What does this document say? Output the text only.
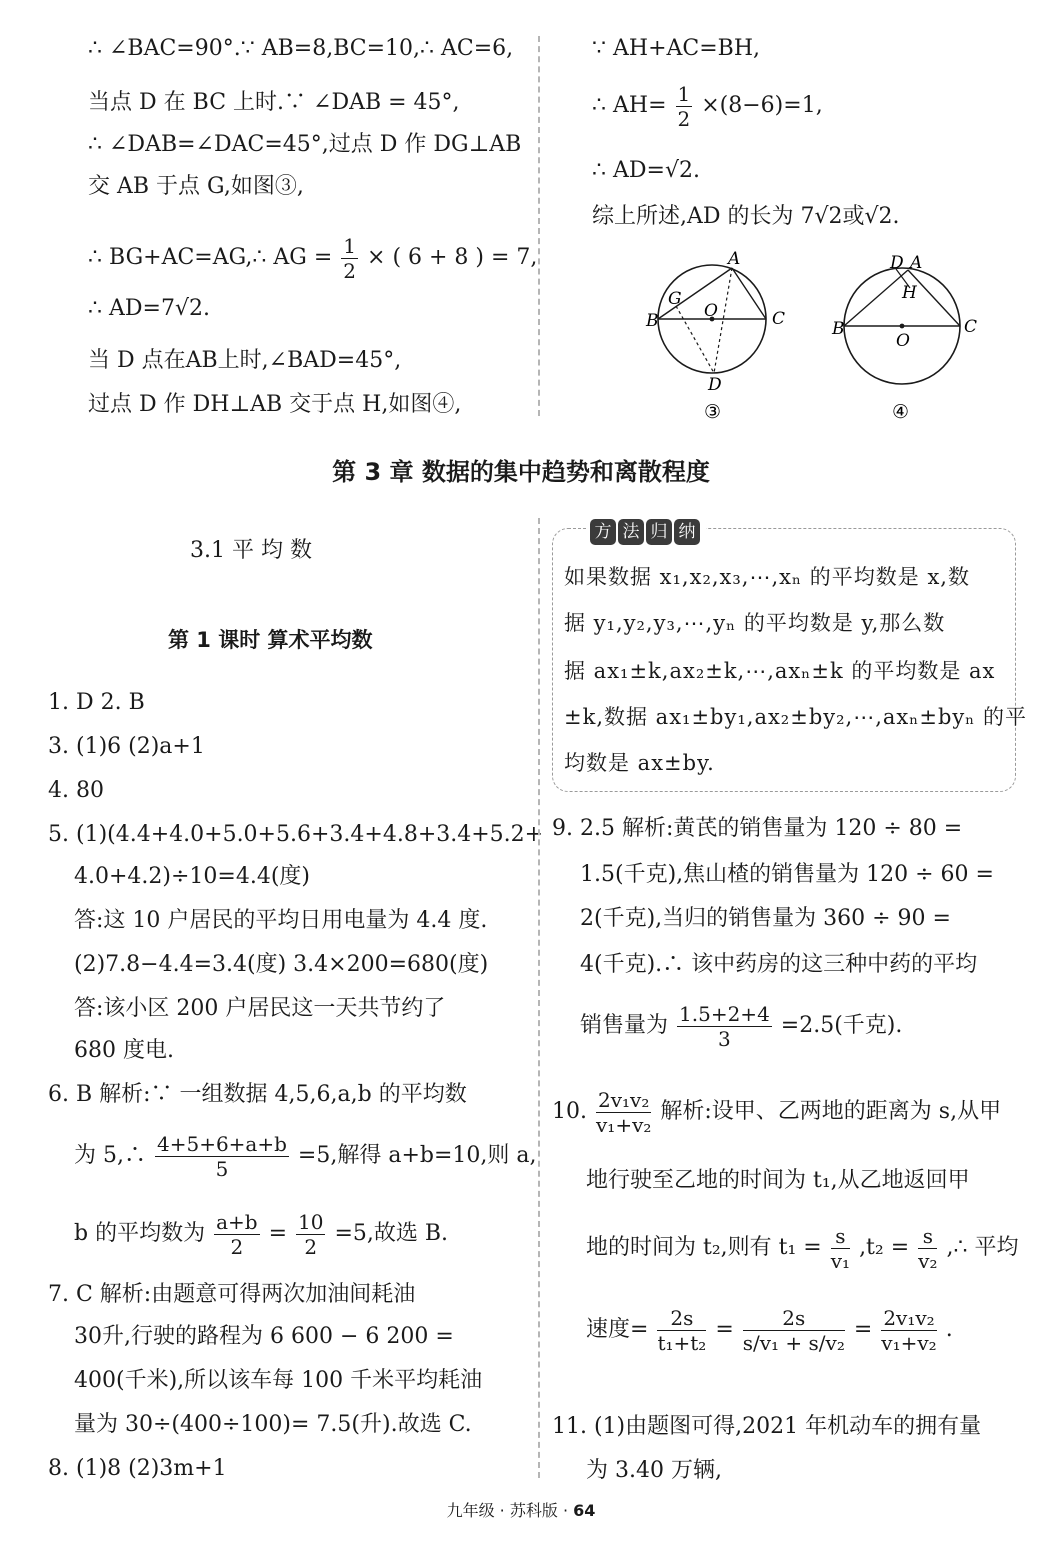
∴ ∠BAC=90°.∵ AB=8,BC=10,∴ AC=6,
当点 D 在 BC 上时.∵ ∠DAB = 45°,
∴ ∠DAB=∠DAC=45°,过点 D 作 DG⊥AB
交 AB 于点 G,如图③,
∴ BG+AC=AG,∴ AG = $\frac{1}{2}$ × ( 6 + 8 ) = 7,
∴ AD=7√2.
当 D 点在AB上时,∠BAD=45°,
过点 D 作 DH⊥AB 交于点 H,如图④,
∵ AH+AC=BH,
∴ $AH= \frac{1}{2} \times(8-6)=1$,
∴ AD=√2.
综上所述,AD 的长为 7√2或√2.
A
B
G
O	C
D
③
D A
H
B
O
C
④
第 3 章 数据的集中趋势和离散程度
3.1 平 均 数
第 1 课时 算术平均数
1. D 2. B
3. (1)6 (2)a+1
4. 80
5. (1)(4.4+4.0+5.0+5.6+3.4+4.8+3.4+5.2+
4.0+4.2)÷10=4.4(度)
答:这 10 户居民的平均日用电量为 4.4 度.
(2)7.8−4.4=3.4(度) 3.4×200=680(度)
答:该小区 200 户居民这一天共节约了
680 度电.
6. B 解析:∵ 一组数据 4,5,6,a,b 的平均数
为 5,∴ $\frac{4+5+6+a+b}{5} =5$,解得 a+b=10,则 a,
b 的平均数为 $\frac{a+b}{2} = \frac{10}{2} =5$,故选 B.
7. C 解析:由题意可得两次加油间耗油
30升,行驶的路程为 6 600 − 6 200 =
400(千米),所以该车每 100 千米平均耗油
量为 30÷(400÷100)= 7.5(升).故选 C.
8. (1)8 (2)3m+1
方 法 归 纳
如果数据 x₁,x₂,x₃,⋯,xₙ 的平均数是 x,数
据 y₁,y₂,y₃,⋯,yₙ 的平均数是 y,那么数
据 ax₁±k,ax₂±k,⋯,axₙ±k 的平均数是 ax
±k,数据 ax₁±by₁,ax₂±by₂,⋯,axₙ±byₙ 的平
均数是 ax±by.
9. 2.5 解析:黄芪的销售量为 120 ÷ 80 =
1.5(千克),焦山楂的销售量为 120 ÷ 60 =
2(千克),当归的销售量为 360 ÷ 90 =
4(千克).∴ 该中药房的这三种中药的平均
销售量为 $\frac{1.5+2+4}{3} =2.5$(千克).
10. $\frac{\text{2v₁v₂}}{\text{v₁+v₂}}$ 解析:设甲、乙两地的距离为 s,从甲
地行驶至乙地的时间为 t₁,从乙地返回甲
地的时间为 t₂,则有 $t_1 = \frac{s}{\text{v₁}} ,t_2 = \frac{s}{\text{v₂}}$ ,∴ 平均
速度= $\frac{2s}{\text{t₁+t₂}} = \frac{2s}{\text{s/v₁ + s/v₂}} = \frac{\text{2v₁v₂}}{\text{v₁+v₂}}$ .
11. (1)由题图可得,2021 年机动车的拥有量
为 3.40 万辆,
九年级 · 苏科版 · 64
